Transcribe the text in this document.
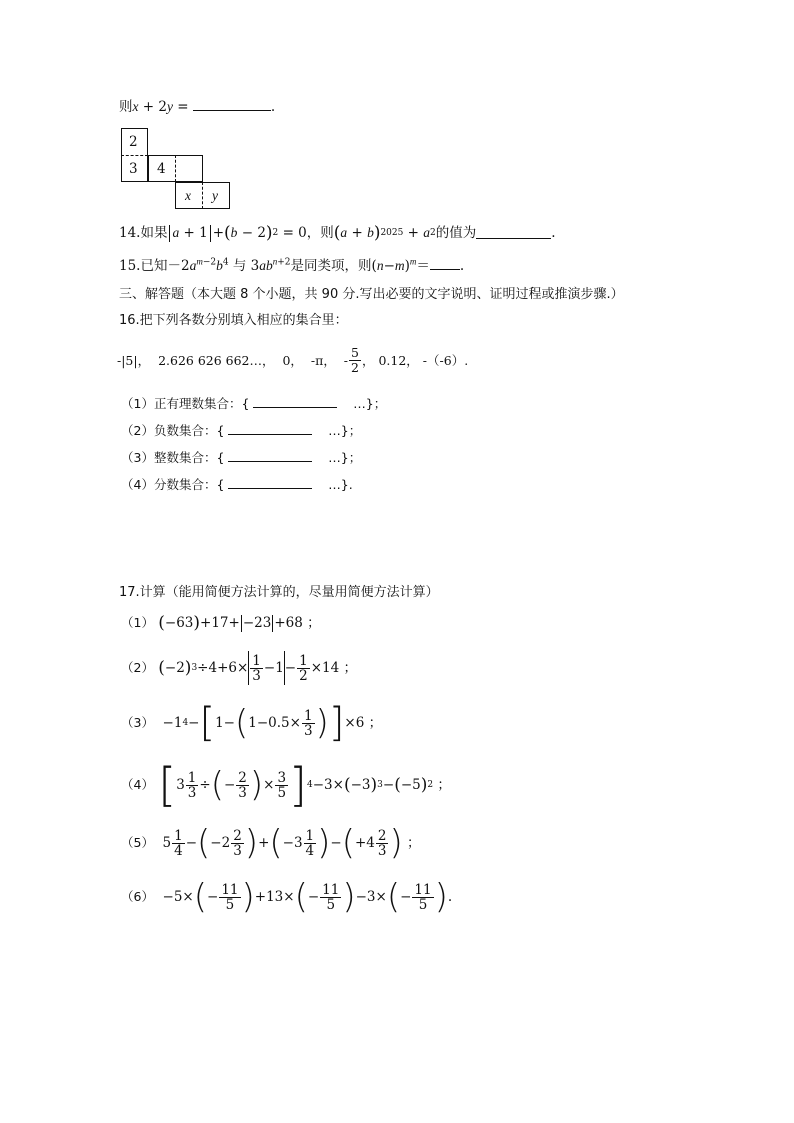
则x + 2y =	.
2
3 4
x y
14.如果 a + 1 + ( b − 2 ) 2 = 0 ，则 ( a + b ) 2025 + a 2 的值为	.
15.已知$-2a^{m-2}b^4$ 与 $3ab^{n+2}$是同类项，则$(n-m)^m=$ .
三、解答题（本大题 8 个小题，共 90 分.写出必要的文字说明、证明过程或推演步骤.）
16.把下列各数分别填入相应的集合里：
-|5|，
2.626 626 662…，
0，
-π，
- $\frac{5}{2}$ ，
0.12，
-（-6）.
（1）正有理数集合：{	…}；
（2）负数集合：{	…}；
（3）整数集合：{	…}；
（4）分数集合：{	…}.
17.计算（能用简便方法计算的，尽量用简便方法计算）
（1）
( −63 ) +17+ −23 +68 ；
（2）
( −2 ) $3 \div 4+6\times \frac{1}{3} -1$
− $\frac{1}{2} \times 14$ ；
（3） −1 4 − [ 1− ( $1-0.5\times \frac{1}{3}$ ) ] ×6 ；
（4）
[ $3 \frac{1}{3}$ ÷ ( − $\frac{2}{3}$ ) × $\frac{3}{5}$ ] 4 −3× ( −3 ) 3 − ( −5 ) 2 ；
（5） $5 \frac{1}{4}$ − ( $-2 \frac{2}{3}$ ) + ( $-3 \frac{1}{4}$ ) − ( $+4 \frac{2}{3}$ ) ；
（6） −5× ( − $\frac{11}{5}$ ) +13× ( − $\frac{11}{5}$ ) −3× ( − $\frac{11}{5}$ ) .
